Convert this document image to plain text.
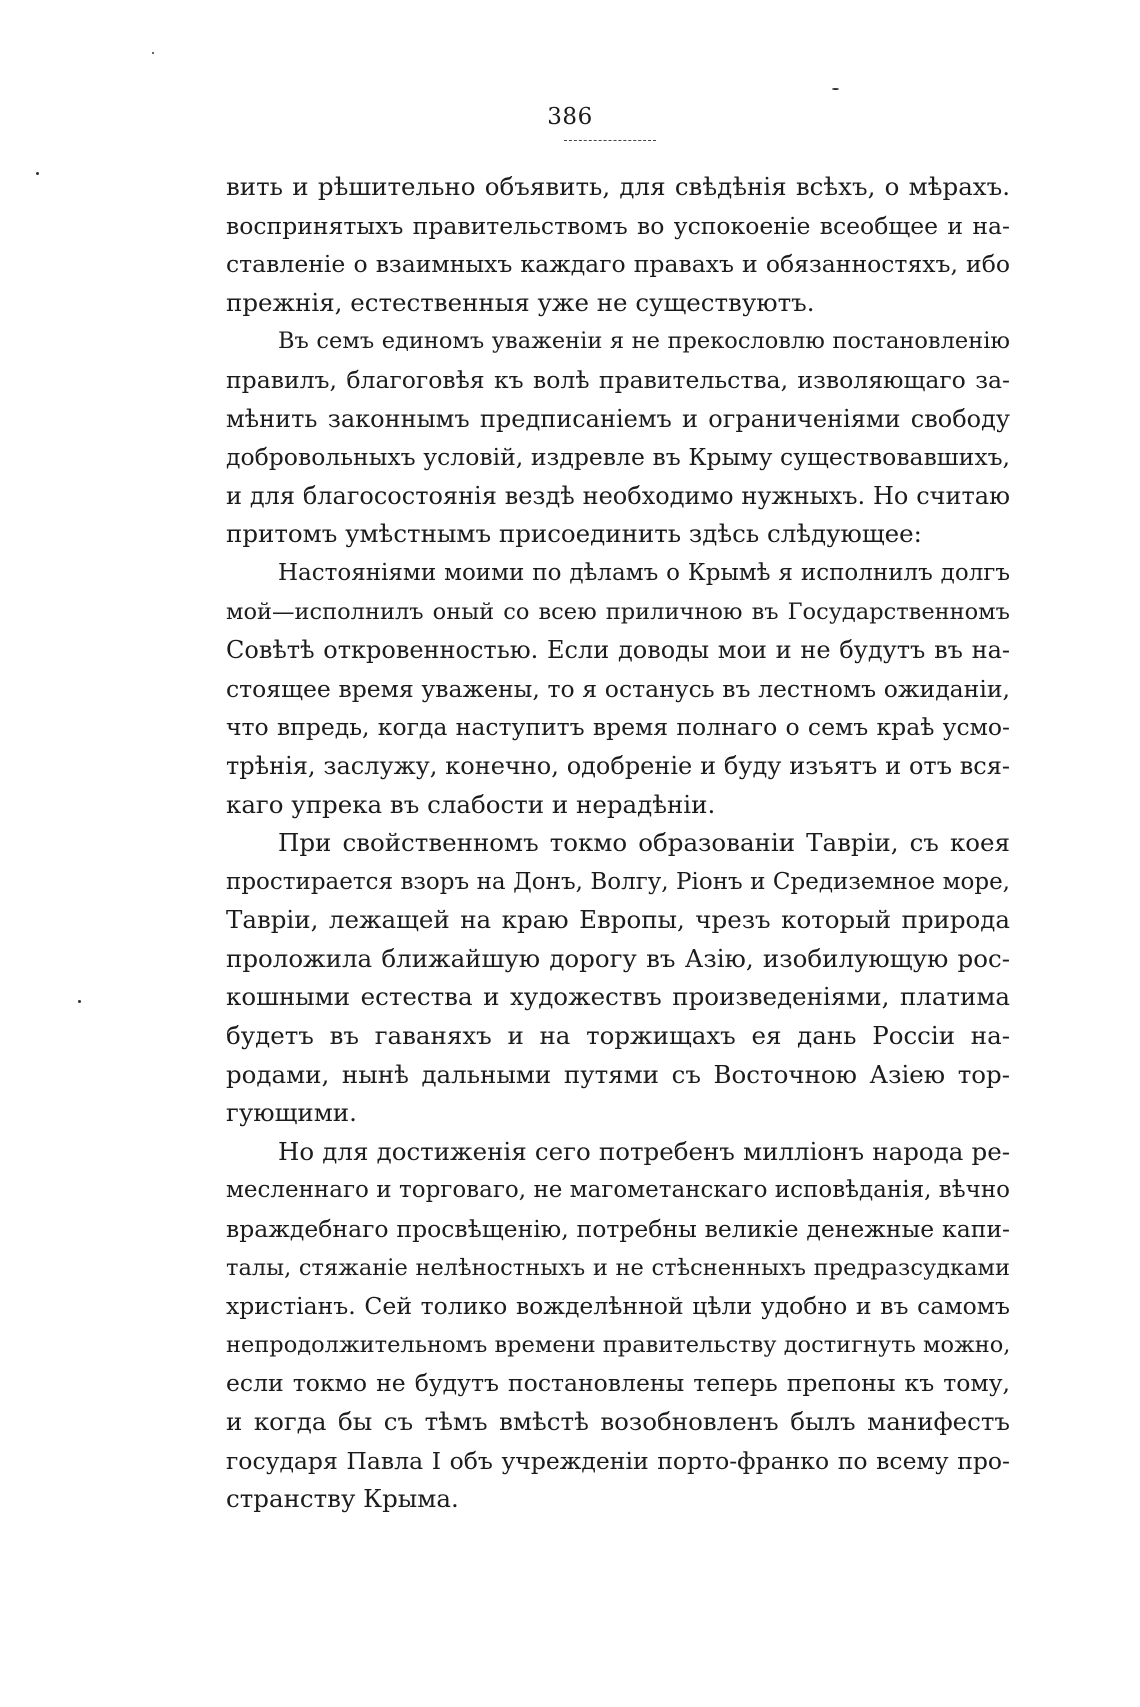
386
вить и рѣшительно объявить, для свѣдѣнія всѣхъ, о мѣрахъ.
воспринятыхъ правительствомъ во успокоеніе всеобщее и на-
ставленіе о взаимныхъ каждаго правахъ и обязанностяхъ, ибо
прежнія, естественныя уже не существуютъ.
Въ семъ единомъ уваженіи я не прекословлю постановленію
правилъ, благоговѣя къ волѣ правительства, изволяющаго за-
мѣнить законнымъ предписаніемъ и ограниченіями свободу
добровольныхъ условій, издревле въ Крыму существовавшихъ,
и для благосостоянія вездѣ необходимо нужныхъ. Но считаю
притомъ умѣстнымъ присоединить здѣсь слѣдующее:
Настояніями моими по дѣламъ о Крымѣ я исполнилъ долгъ
мой—исполнилъ оный со всею приличною въ Государственномъ
Совѣтѣ откровенностью. Если доводы мои и не будутъ въ на-
стоящее время уважены, то я останусь въ лестномъ ожиданіи,
что впредь, когда наступитъ время полнаго о семъ краѣ усмо-
трѣнія, заслужу, конечно, одобреніе и буду изъятъ и отъ вся-
каго упрека въ слабости и нерадѣніи.
При свойственномъ токмо образованіи Тавріи, съ коея
простирается взоръ на Донъ, Волгу, Ріонъ и Средиземное море,
Тавріи, лежащей на краю Европы, чрезъ который природа
проложила ближайшую дорогу въ Азію, изобилующую рос-
кошными естества и художествъ произведеніями, платима
будетъ въ гаваняхъ и на торжищахъ ея дань Россіи на-
родами, нынѣ дальными путями съ Восточною Азіею тор-
гующими.
Но для достиженія сего потребенъ милліонъ народа ре-
месленнаго и торговаго, не магометанскаго исповѣданія, вѣчно
враждебнаго просвѣщенію, потребны великіе денежные капи-
талы, стяжаніе нелѣностныхъ и не стѣсненныхъ предразсудками
христіанъ. Сей толико вожделѣнной цѣли удобно и въ самомъ
непродолжительномъ времени правительству достигнуть можно,
если токмо не будутъ постановлены теперь препоны къ тому,
и когда бы съ тѣмъ вмѣстѣ возобновленъ былъ манифестъ
государя Павла I объ учрежденіи порто-франко по всему про-
странству Крыма.
